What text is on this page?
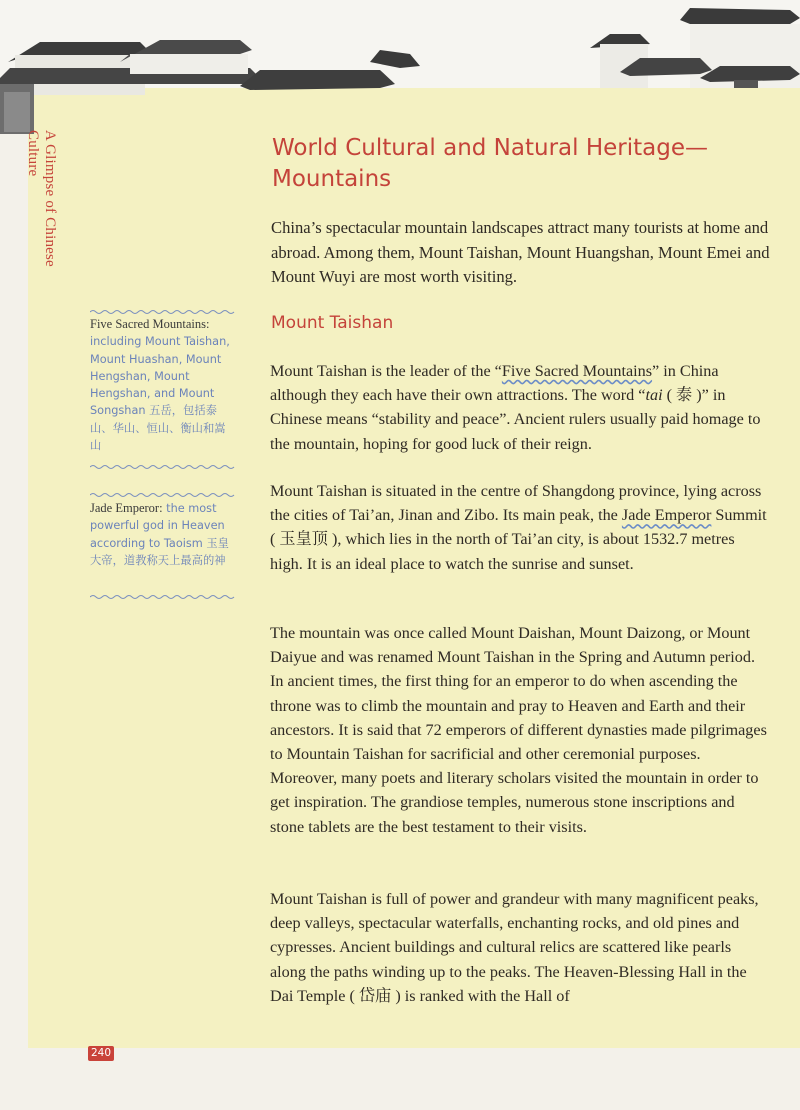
A Glimpse of Chinese Culture	World Cultural and Natural Heritage— Mountains

China’s spectacular mountain landscapes attract many tourists at home and abroad. Among them, Mount Taishan, Mount Huangshan, Mount Emei and Mount Wuyi are most worth visiting.

Mount Taishan

Mount Taishan is the leader of the “Five Sacred Mountains” in China although they each have their own attractions. The word “tai ( 泰 )” in Chinese means “stability and peace”. Ancient rulers usually paid homage to the mountain, hoping for good luck of their reign.

Mount Taishan is situated in the centre of Shangdong province, lying across the cities of Tai’an, Jinan and Zibo. Its main peak, the Jade Emperor Summit ( 玉皇顶 ), which lies in the north of Tai’an city, is about 1532.7 metres high. It is an ideal place to watch the sunrise and sunset.

The mountain was once called Mount Daishan, Mount Daizong, or Mount Daiyue and was renamed Mount Taishan in the Spring and Autumn period. In ancient times, the first thing for an emperor to do when ascending the throne was to climb the mountain and pray to Heaven and Earth and their ancestors. It is said that 72 emperors of different dynasties made pilgrimages to Mountain Taishan for sacrificial and other ceremonial purposes. Moreover, many poets and literary scholars visited the mountain in order to get inspiration. The grandiose temples, numerous stone inscriptions and stone tablets are the best testament to their visits.

Mount Taishan is full of power and grandeur with many magnificent peaks, deep valleys, spectacular waterfalls, enchanting rocks, and old pines and cypresses. Ancient buildings and cultural relics are scattered like pearls along the paths winding up to the peaks. The Heaven-Blessing Hall in the Dai Temple ( 岱庙 ) is ranked with the Hall of

Five Sacred Mountains: including Mount Taishan, Mount Huashan, Mount Hengshan, Mount Hengshan, and Mount Songshan 五岳，包括泰山、华山、恒山、衡山和嵩山
Jade Emperor: the most powerful god in Heaven according to Taoism 玉皇大帝，道教称天上最高的神
240
